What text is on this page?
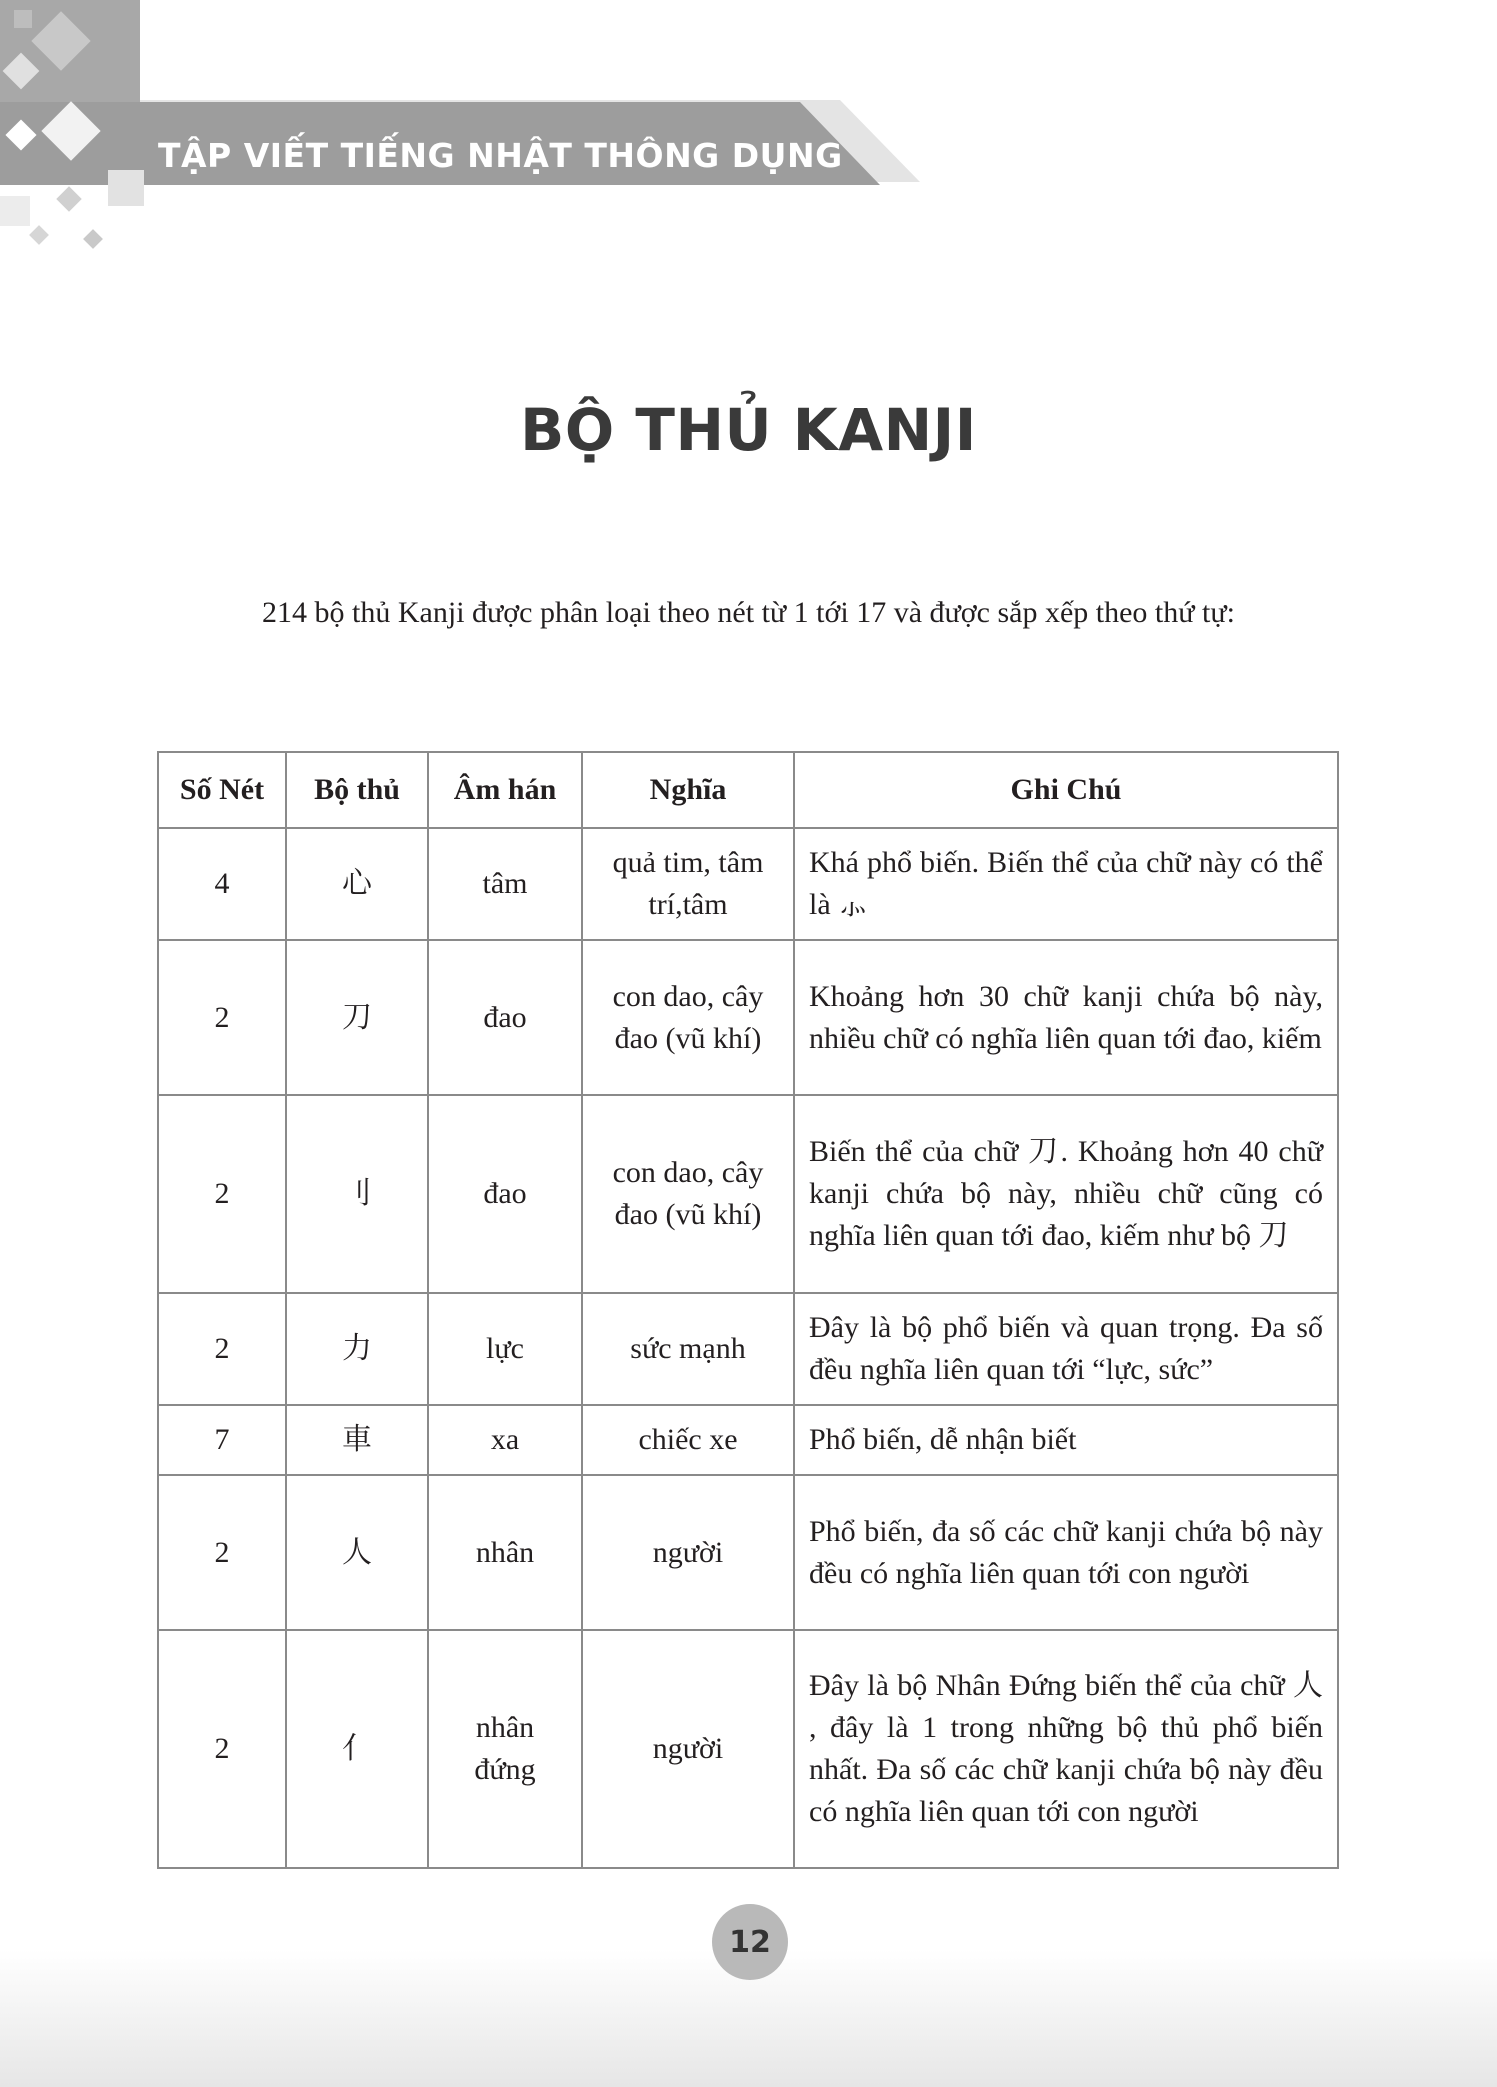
TẬP VIẾT TIẾNG NHẬT THÔNG DỤNG
BỘ THỦ KANJI
214 bộ thủ Kanji được phân loại theo nét từ 1 tới 17 và được sắp xếp theo thứ tự:
Số Nét	Bộ thủ	Âm hán	Nghĩa	Ghi Chú
4	心	tâm	quả tim, tâm trí,tâm	Khá phổ biến. Biến thể của chữ này có thể là ⺗
2	刀	đao	con dao, cây đao (vũ khí)	Khoảng hơn 30 chữ kanji chứa bộ này, nhiều chữ có nghĩa liên quan tới đao, kiếm
2	刂	đao	con dao, cây đao (vũ khí)	Biến thể của chữ 刀. Khoảng hơn 40 chữ kanji chứa bộ này, nhiều chữ cũng có nghĩa liên quan tới đao, kiếm như bộ 刀
2	力	lực	sức mạnh	Đây là bộ phổ biến và quan trọng. Đa số đều nghĩa liên quan tới “lực, sức”
7	車	xa	chiếc xe	Phổ biến, dễ nhận biết
2	人	nhân	người	Phổ biến, đa số các chữ kanji chứa bộ này đều có nghĩa liên quan tới con người
2	亻	nhân đứng	người	Đây là bộ Nhân Đứng biến thể của chữ 人 , đây là 1 trong những bộ thủ phổ biến nhất. Đa số các chữ kanji chứa bộ này đều có nghĩa liên quan tới con người
12
